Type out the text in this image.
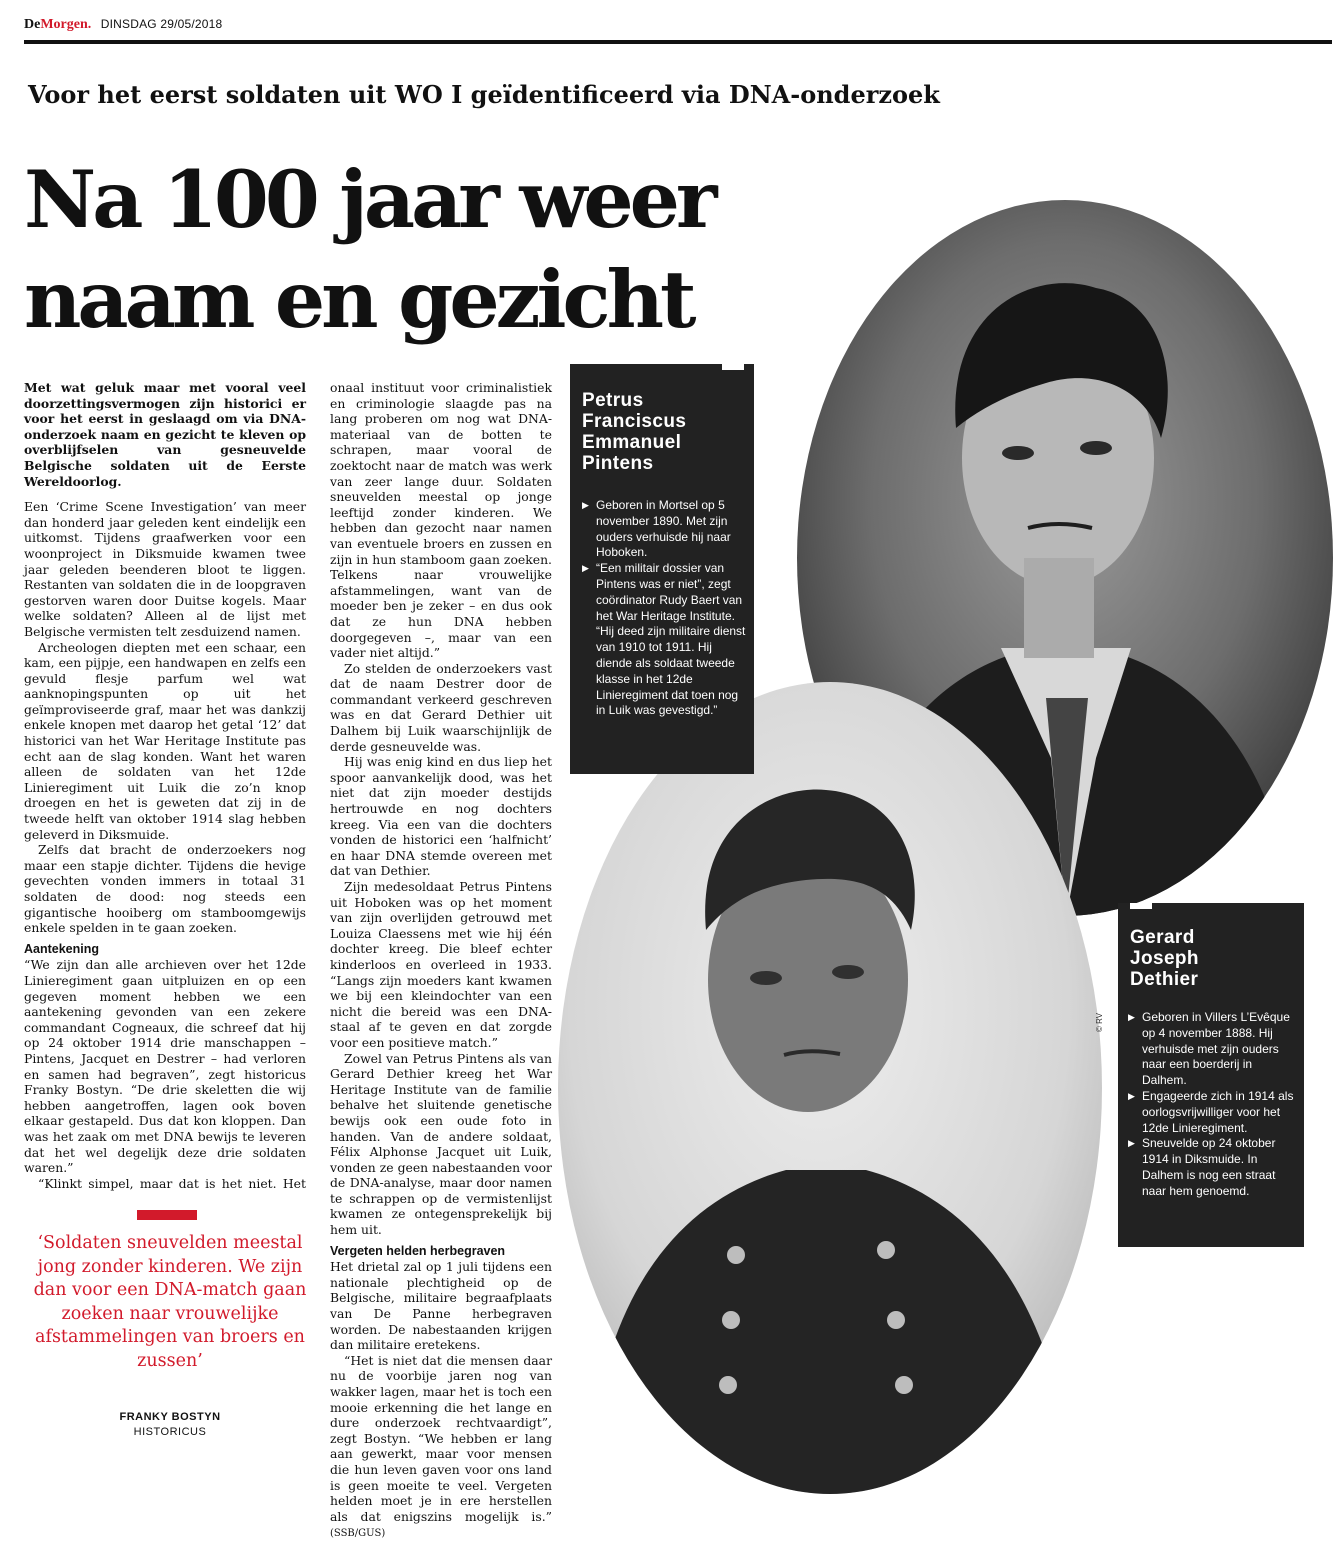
DeMorgen. DINSDAG 29/05/2018
Voor het eerst soldaten uit WO I geïdentificeerd via DNA-onderzoek
Na 100 jaar weer
naam en gezicht

Met wat geluk maar met vooral veel doorzettingsvermogen zijn historici er voor het eerst in geslaagd om via DNA-onderzoek naam en gezicht te kleven op overblijfselen van gesneuvelde Belgische soldaten uit de Eerste Wereldoorlog.

Een ‘Crime Scene Investigation’ van meer dan honderd jaar geleden kent eindelijk een uitkomst. Tijdens graafwerken voor een woonproject in Diksmuide kwamen twee jaar geleden beenderen bloot te liggen. Restanten van soldaten die in de loopgraven gestorven waren door Duitse kogels. Maar welke soldaten? Alleen al de lijst met Belgische vermisten telt zesduizend namen.

Archeologen diepten met een schaar, een kam, een pijpje, een handwapen en zelfs een gevuld flesje parfum wel wat aanknopingspunten op uit het geïmproviseerde graf, maar het was dankzij enkele knopen met daarop het getal ‘12’ dat historici van het War Heritage Institute pas echt aan de slag konden. Want het waren alleen de soldaten van het 12de Linieregiment uit Luik die zo’n knop droegen en het is geweten dat zij in de tweede helft van oktober 1914 slag hebben geleverd in Diksmuide.

Zelfs dat bracht de onderzoekers nog maar een stapje dichter. Tijdens die hevige gevechten vonden immers in totaal 31 soldaten de dood: nog steeds een gigantische hooiberg om stamboomgewijs enkele spelden in te gaan zoeken.

Aantekening

“We zijn dan alle archieven over het 12de Linieregiment gaan uitpluizen en op een gegeven moment hebben we een aantekening gevonden van een zekere commandant Cogneaux, die schreef dat hij op 24 oktober 1914 drie manschappen – Pintens, Jacquet en Destrer – had verloren en samen had begraven”, zegt historicus Franky Bostyn. “De drie skeletten die wij hebben aangetroffen, lagen ook boven elkaar gestapeld. Dus dat kon kloppen. Dan was het zaak om met DNA bewijs te leveren dat het wel degelijk deze drie soldaten waren.”

“Klinkt simpel, maar dat is het niet. Het

onaal instituut voor criminalistiek en criminologie slaagde pas na lang proberen om nog wat DNA-materiaal van de botten te schrapen, maar vooral de zoektocht naar de match was werk van zeer lange duur. Soldaten sneuvelden meestal op jonge leeftijd zonder kinderen. We hebben dan gezocht naar namen van eventuele broers en zussen en zijn in hun stamboom gaan zoeken. Telkens naar vrouwelijke afstammelingen, want van de moeder ben je zeker – en dus ook dat ze hun DNA hebben doorgegeven –, maar van een vader niet altijd.”

Zo stelden de onderzoekers vast dat de naam Destrer door de commandant verkeerd geschreven was en dat Gerard Dethier uit Dalhem bij Luik waarschijnlijk de derde gesneuvelde was.

Hij was enig kind en dus liep het spoor aanvankelijk dood, was het niet dat zijn moeder destijds hertrouwde en nog dochters kreeg. Via een van die dochters vonden de historici een ‘halfnicht’ en haar DNA stemde overeen met dat van Dethier.

Zijn medesoldaat Petrus Pintens uit Hoboken was op het moment van zijn overlijden getrouwd met Louiza Claessens met wie hij één dochter kreeg. Die bleef echter kinderloos en overleed in 1933. “Langs zijn moeders kant kwamen we bij een kleindochter van een nicht die bereid was een DNA-staal af te geven en dat zorgde voor een positieve match.”

Zowel van Petrus Pintens als van Gerard Dethier kreeg het War Heritage Institute van de familie behalve het sluitende genetische bewijs ook een oude foto in handen. Van de andere soldaat, Félix Alphonse Jacquet uit Luik, vonden ze geen nabestaanden voor de DNA-analyse, maar door namen te schrappen op de vermistenlijst kwamen ze ontegensprekelijk bij hem uit.

Vergeten helden herbegraven

Het drietal zal op 1 juli tijdens een nationale plechtigheid op de Belgische, militaire begraafplaats van De Panne herbegraven worden. De nabestaanden krijgen dan militaire eretekens.

“Het is niet dat die mensen daar nu de voorbije jaren nog van wakker lagen, maar het is toch een mooie erkenning die het lange en dure onderzoek rechtvaardigt”, zegt Bostyn. “We hebben er lang aan gewerkt, maar voor mensen die hun leven gaven voor ons land is geen moeite te veel. Vergeten helden moet je in ere herstellen als dat enigszins mogelijk is.” (SSB/GUS)

‘Soldaten sneuvelden meestal jong zonder kinderen. We zijn dan voor een DNA-match gaan zoeken naar vrouwelijke afstammelingen van broers en zussen’
FRANKY BOSTYN
HISTORICUS
Petrus
Franciscus
Emmanuel
Pintens
▶ Geboren in Mortsel op 5 november 1890. Met zijn ouders verhuisde hij naar Hoboken.
▶ “Een militair dossier van Pintens was er niet”, zegt coördinator Rudy Baert van het War Heritage Institute. “Hij deed zijn militaire dienst van 1910 tot 1911. Hij diende als soldaat tweede klasse in het 12de Linieregiment dat toen nog in Luik was gevestigd.”
Gerard
Joseph
Dethier
▶ Geboren in Villers L’Evêque op 4 november 1888. Hij verhuisde met zijn ouders naar een boerderij in Dalhem.
▶ Engageerde zich in 1914 als oorlogsvrijwilliger voor het 12de Linieregiment.
▶ Sneuvelde op 24 oktober 1914 in Diksmuide. In Dalhem is nog een straat naar hem genoemd.
© RV
